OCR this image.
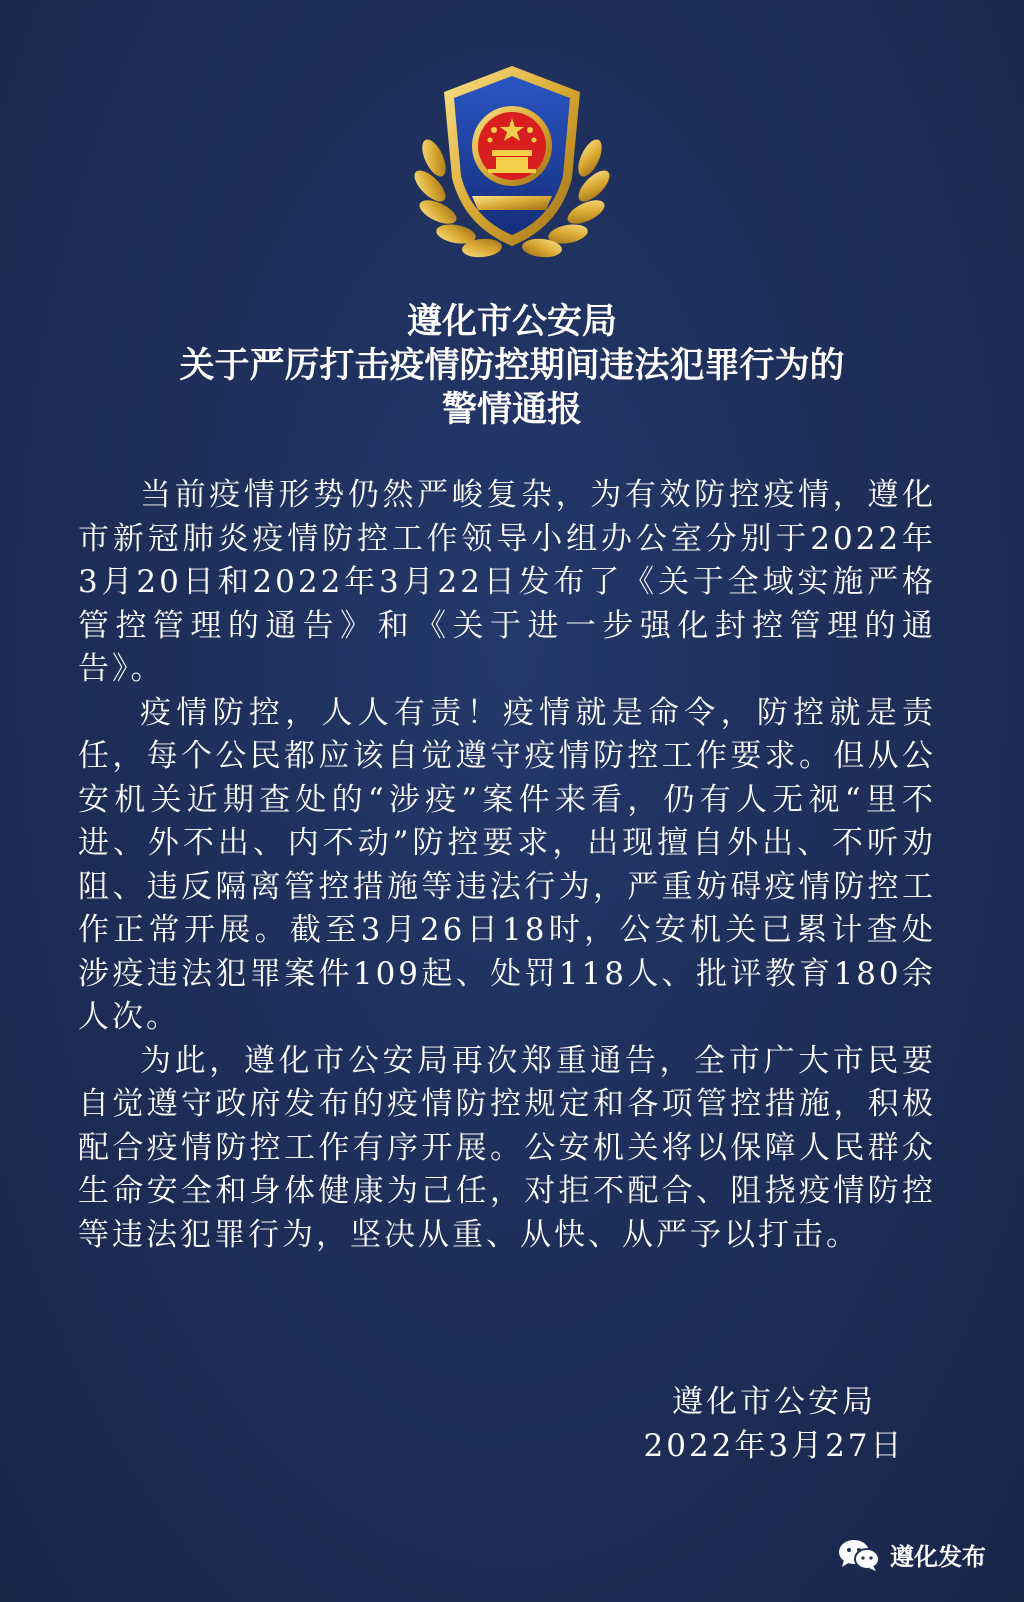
遵化市公安局
关于严厉打击疫情防控期间违法犯罪行为的
警情通报

当前疫情形势仍然严峻复杂，为有效防控疫情，遵化市新冠肺炎疫情防控工作领导小组办公室分别于2022年3月20日和2022年3月22日发布了《关于全域实施严格管控管理的通告》和《关于进一步强化封控管理的通告》。

疫情防控，人人有责！疫情就是命令，防控就是责任，每个公民都应该自觉遵守疫情防控工作要求。但从公安机关近期查处的“涉疫”案件来看，仍有人无视“里不进、外不出、内不动”防控要求，出现擅自外出、不听劝阻、违反隔离管控措施等违法行为，严重妨碍疫情防控工作正常开展。截至3月26日18时，公安机关已累计查处涉疫违法犯罪案件109起、处罚118人、批评教育180余人次。

为此，遵化市公安局再次郑重通告，全市广大市民要自觉遵守政府发布的疫情防控规定和各项管控措施，积极配合疫情防控工作有序开展。公安机关将以保障人民群众生命安全和身体健康为己任，对拒不配合、阻挠疫情防控等违法犯罪行为，坚决从重、从快、从严予以打击。

遵化市公安局
2022年3月27日
遵化发布
